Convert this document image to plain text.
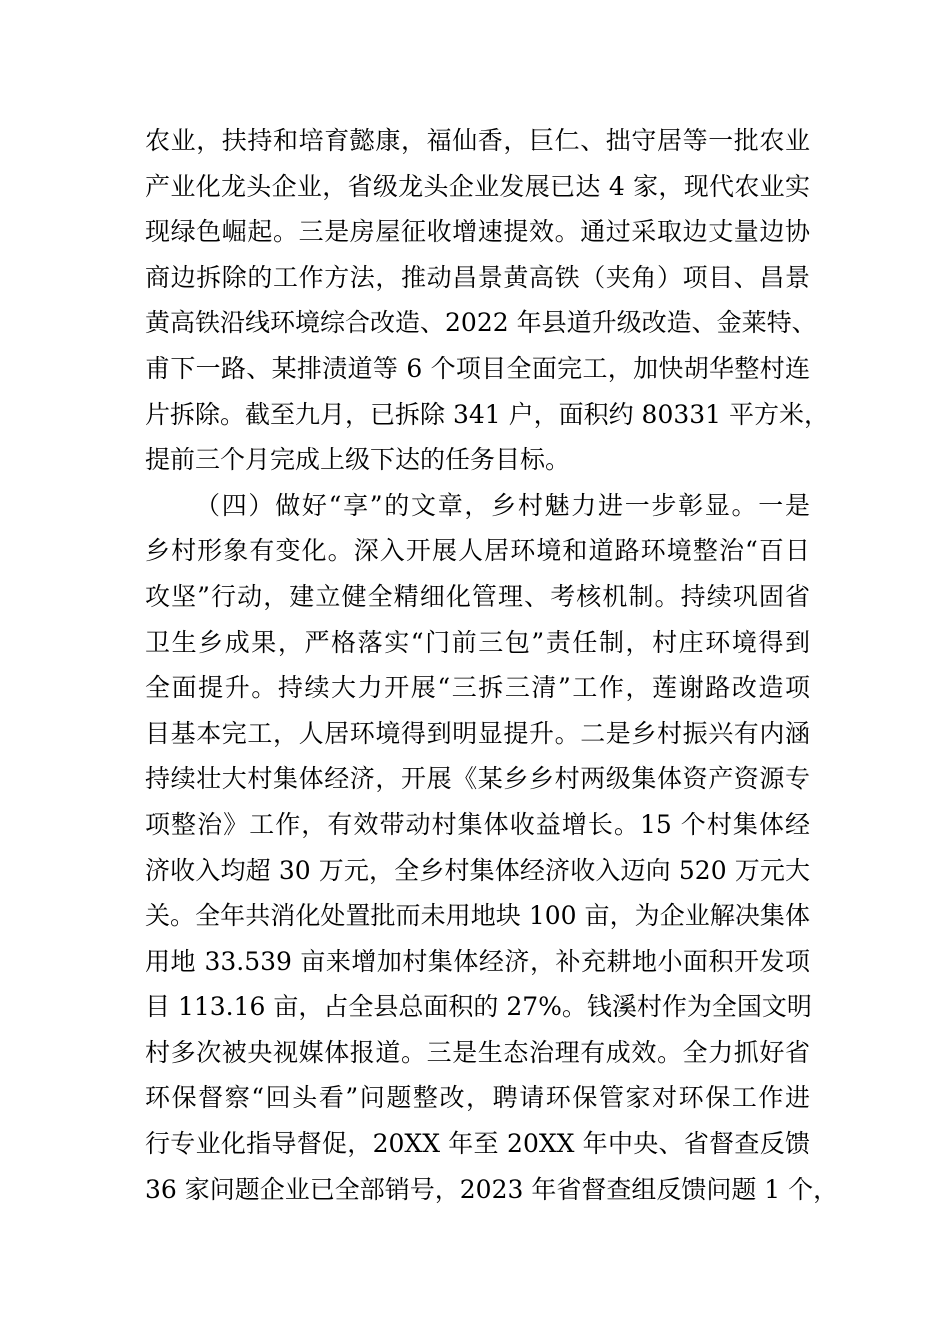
农业，扶持和培育懿康，福仙香，巨仁、拙守居等一批农业
产业化龙头企业，省级龙头企业发展已达 4 家，现代农业实
现绿色崛起。三是房屋征收增速提效。通过采取边丈量边协
商边拆除的工作方法，推动昌景黄高铁（夹角）项目、昌景
黄高铁沿线环境综合改造、2022 年县道升级改造、金莱特、
甫下一路、某排渍道等 6 个项目全面完工，加快胡华整村连
片拆除。截至九月，已拆除 341 户，面积约 80331 平方米，
提前三个月完成上级下达的任务目标。
（四）做好“享”的文章，乡村魅力进一步彰显。一是
乡村形象有变化。深入开展人居环境和道路环境整治“百日
攻坚”行动，建立健全精细化管理、考核机制。持续巩固省
卫生乡成果，严格落实“门前三包”责任制，村庄环境得到
全面提升。持续大力开展“三拆三清”工作，莲谢路改造项
目基本完工，人居环境得到明显提升。二是乡村振兴有内涵
持续壮大村集体经济，开展《某乡乡村两级集体资产资源专
项整治》工作，有效带动村集体收益增长。15 个村集体经
济收入均超 30 万元，全乡村集体经济收入迈向 520 万元大
关。全年共消化处置批而未用地块 100 亩，为企业解决集体
用地 33.539 亩来增加村集体经济，补充耕地小面积开发项
目 113.16 亩，占全县总面积的 27%。钱溪村作为全国文明
村多次被央视媒体报道。三是生态治理有成效。全力抓好省
环保督察“回头看”问题整改，聘请环保管家对环保工作进
行专业化指导督促，20XX 年至 20XX 年中央、省督查反馈
36 家问题企业已全部销号，2023 年省督查组反馈问题 1 个，
